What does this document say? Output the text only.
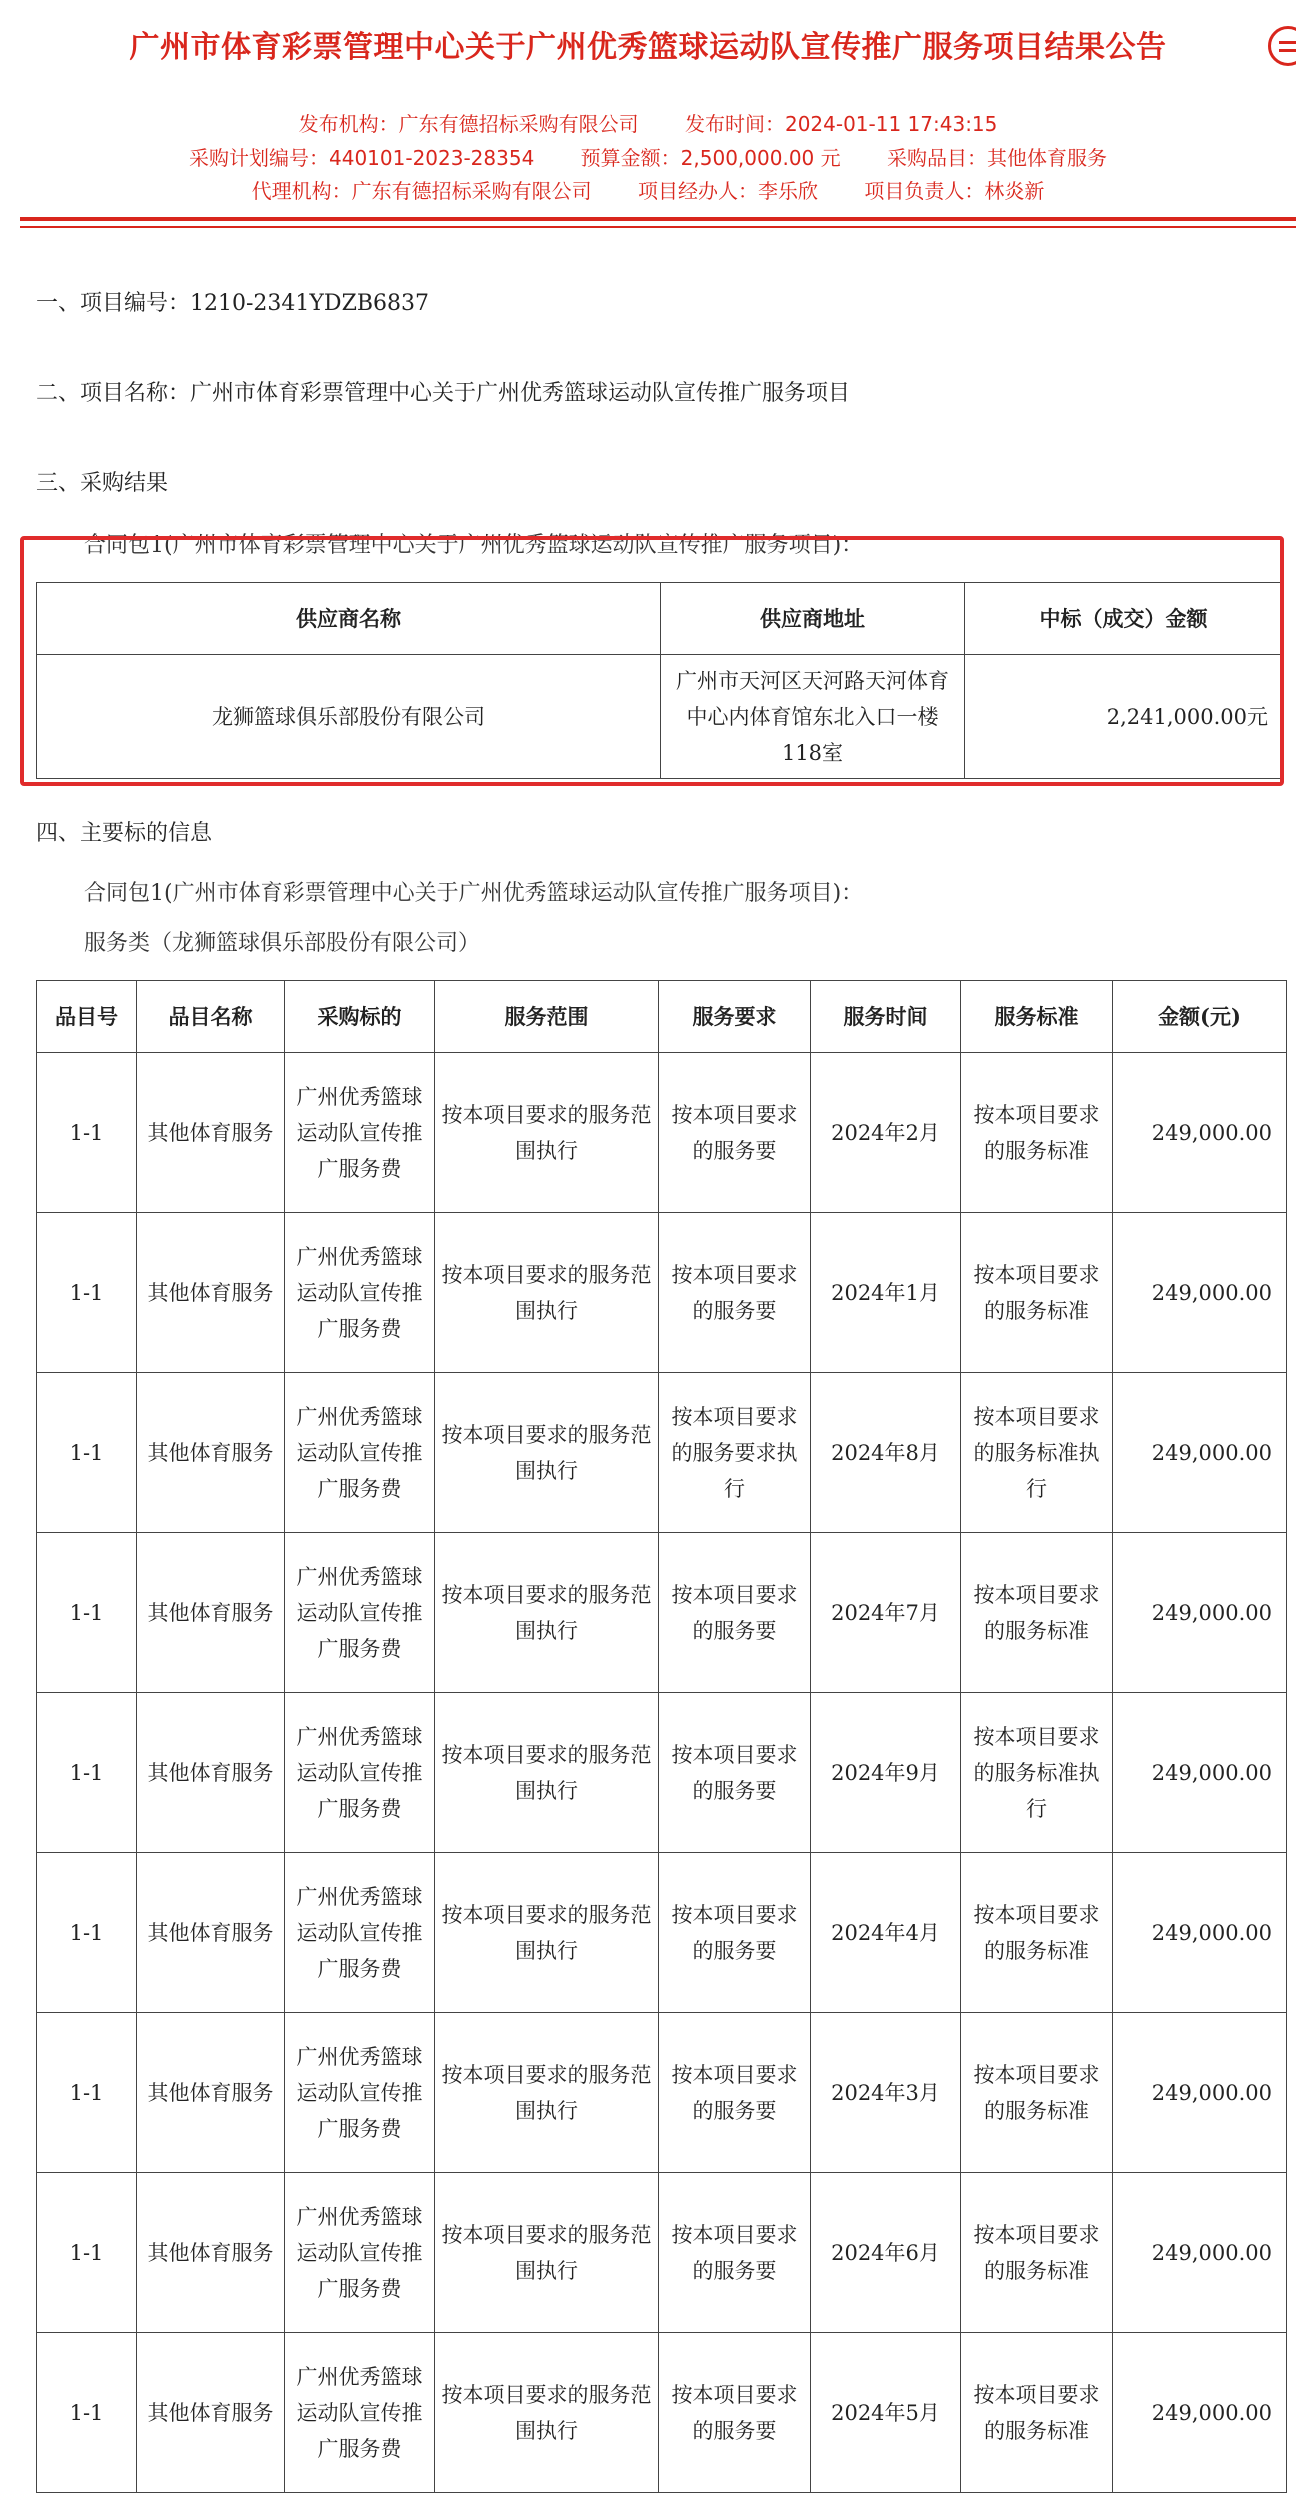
广州市体育彩票管理中心关于广州优秀篮球运动队宣传推广服务项目结果公告
发布机构：广东有德招标采购有限公司 发布时间：2024-01-11 17:43:15
采购计划编号：440101-2023-28354 预算金额：2,500,000.00 元 采购品目：其他体育服务
代理机构：广东有德招标采购有限公司 项目经办人：李乐欣 项目负责人：林炎新
一、项目编号：1210-2341YDZB6837
二、项目名称：广州市体育彩票管理中心关于广州优秀篮球运动队宣传推广服务项目
三、采购结果
合同包1(广州市体育彩票管理中心关于广州优秀篮球运动队宣传推广服务项目)：
供应商名称	供应商地址	中标（成交）金额
龙狮篮球俱乐部股份有限公司	广州市天河区天河路天河体育中心内体育馆东北入口一楼118室	2,241,000.00元
四、主要标的信息
合同包1(广州市体育彩票管理中心关于广州优秀篮球运动队宣传推广服务项目)：
服务类（龙狮篮球俱乐部股份有限公司）
品目号	品目名称	采购标的	服务范围	服务要求	服务时间	服务标准	金额(元)
1-1	其他体育服务	广州优秀篮球运动队宣传推广服务费	按本项目要求的服务范围执行	按本项目要求的服务要	2024年2月	按本项目要求的服务标准	249,000.00
1-1	其他体育服务	广州优秀篮球运动队宣传推广服务费	按本项目要求的服务范围执行	按本项目要求的服务要	2024年1月	按本项目要求的服务标准	249,000.00
1-1	其他体育服务	广州优秀篮球运动队宣传推广服务费	按本项目要求的服务范围执行	按本项目要求的服务要求执行	2024年8月	按本项目要求的服务标准执行	249,000.00
1-1	其他体育服务	广州优秀篮球运动队宣传推广服务费	按本项目要求的服务范围执行	按本项目要求的服务要	2024年7月	按本项目要求的服务标准	249,000.00
1-1	其他体育服务	广州优秀篮球运动队宣传推广服务费	按本项目要求的服务范围执行	按本项目要求的服务要	2024年9月	按本项目要求的服务标准执行	249,000.00
1-1	其他体育服务	广州优秀篮球运动队宣传推广服务费	按本项目要求的服务范围执行	按本项目要求的服务要	2024年4月	按本项目要求的服务标准	249,000.00
1-1	其他体育服务	广州优秀篮球运动队宣传推广服务费	按本项目要求的服务范围执行	按本项目要求的服务要	2024年3月	按本项目要求的服务标准	249,000.00
1-1	其他体育服务	广州优秀篮球运动队宣传推广服务费	按本项目要求的服务范围执行	按本项目要求的服务要	2024年6月	按本项目要求的服务标准	249,000.00
1-1	其他体育服务	广州优秀篮球运动队宣传推广服务费	按本项目要求的服务范围执行	按本项目要求的服务要	2024年5月	按本项目要求的服务标准	249,000.00
